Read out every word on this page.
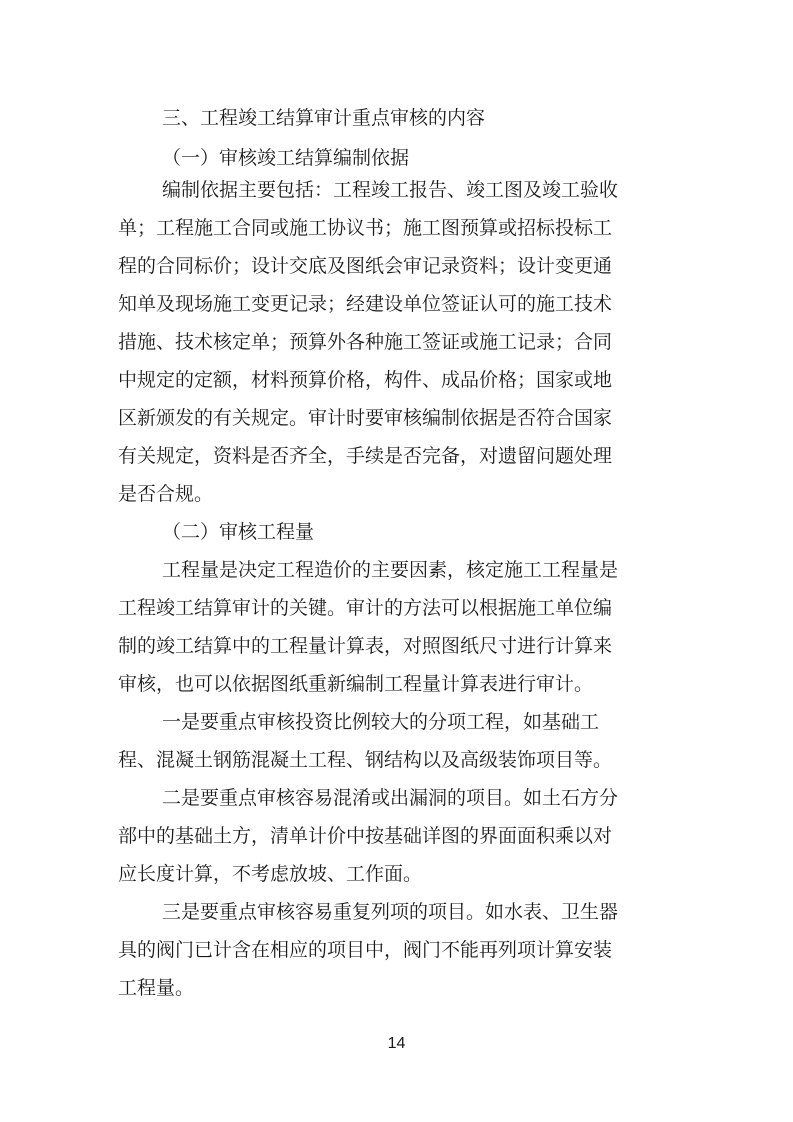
三、工程竣工结算审计重点审核的内容

（一）审核竣工结算编制依据

编制依据主要包括：工程竣工报告、竣工图及竣工验收

单；工程施工合同或施工协议书；施工图预算或招标投标工

程的合同标价；设计交底及图纸会审记录资料；设计变更通

知单及现场施工变更记录；经建设单位签证认可的施工技术

措施、技术核定单；预算外各种施工签证或施工记录；合同

中规定的定额，材料预算价格，构件、成品价格；国家或地

区新颁发的有关规定。审计时要审核编制依据是否符合国家

有关规定，资料是否齐全，手续是否完备，对遗留问题处理

是否合规。

（二）审核工程量

工程量是决定工程造价的主要因素，核定施工工程量是

工程竣工结算审计的关键。审计的方法可以根据施工单位编

制的竣工结算中的工程量计算表，对照图纸尺寸进行计算来

审核，也可以依据图纸重新编制工程量计算表进行审计。

一是要重点审核投资比例较大的分项工程，如基础工

程、混凝土钢筋混凝土工程、钢结构以及高级装饰项目等。

二是要重点审核容易混淆或出漏洞的项目。如土石方分

部中的基础土方，清单计价中按基础详图的界面面积乘以对

应长度计算，不考虑放坡、工作面。

三是要重点审核容易重复列项的项目。如水表、卫生器

具的阀门已计含在相应的项目中，阀门不能再列项计算安装

工程量。

14
